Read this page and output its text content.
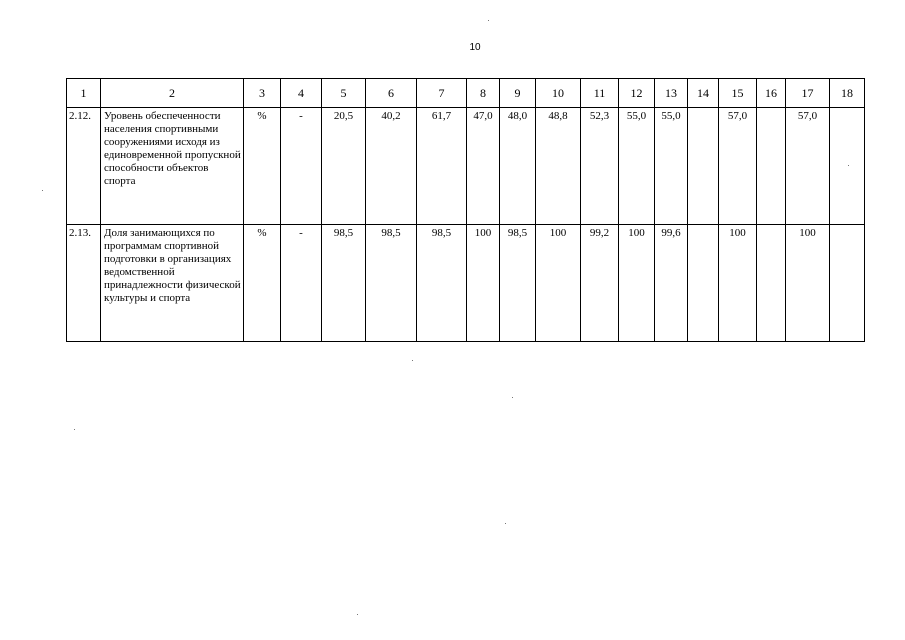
10
1	2	3	4	5	6	7	8	9	10	11	12	13	14	15	16	17	18
2.12.	Уровень обеспеченности населения спортивными сооружениями исходя из единовременной пропускной способности объектов спорта	%	-	20,5	40,2	61,7	47,0	48,0	48,8	52,3	55,0	55,0		57,0		57,0	
2.13.	Доля занимающихся по программам спортивной подготовки в организациях ведомственной принадлежности физической культуры и спорта	%	-	98,5	98,5	98,5	100	98,5	100	99,2	100	99,6		100		100	
